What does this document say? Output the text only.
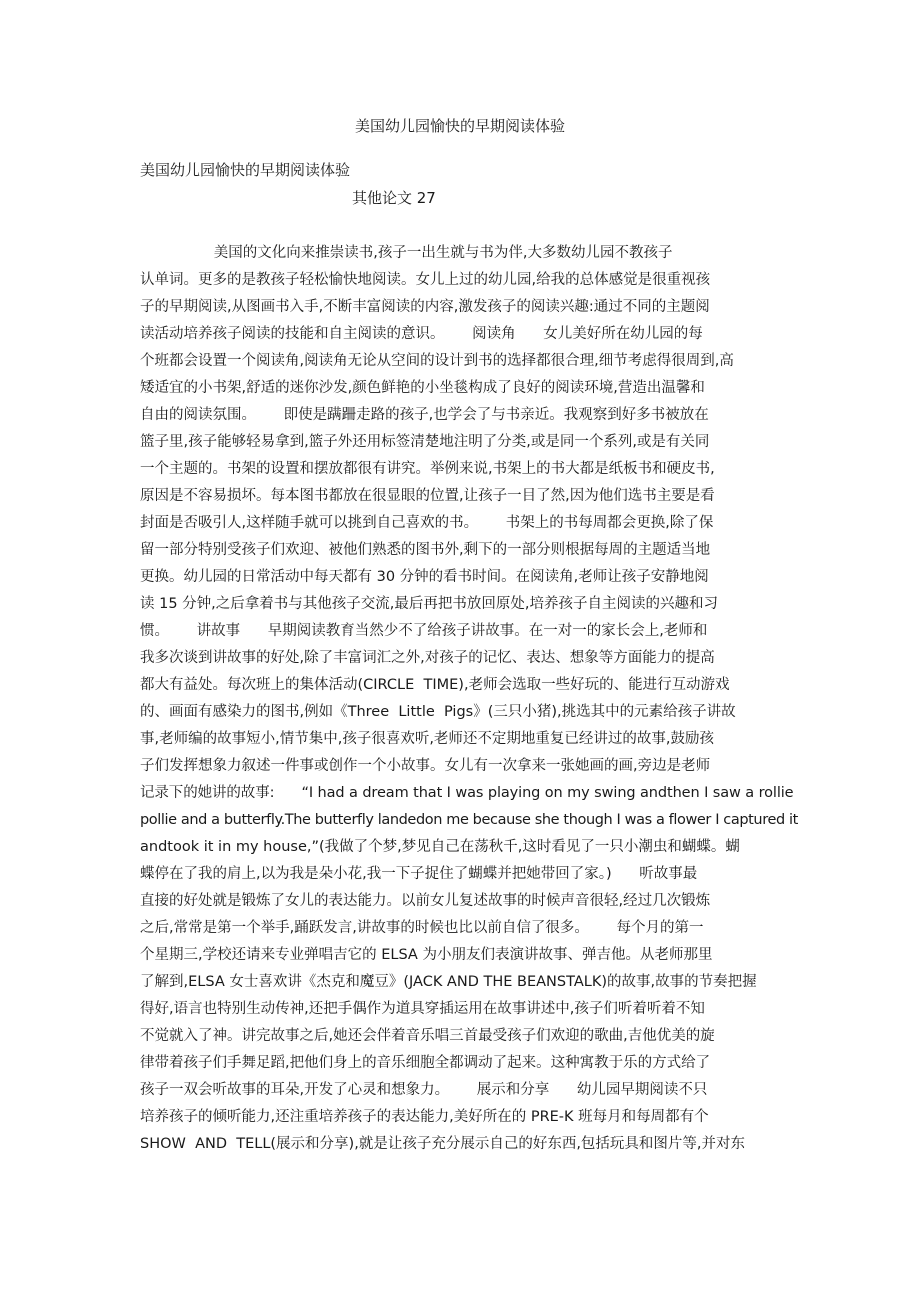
美国幼儿园愉快的早期阅读体验
美国幼儿园愉快的早期阅读体验
其他论文 27
美国的文化向来推崇读书,孩子一出生就与书为伴,大多数幼儿园不教孩子
认单词。更多的是教孩子轻松愉快地阅读。女儿上过的幼儿园,给我的总体感觉是很重视孩
子的早期阅读,从图画书入手,不断丰富阅读的内容,激发孩子的阅读兴趣:通过不同的主题阅
读活动培养孩子阅读的技能和自主阅读的意识。      阅读角      女儿美好所在幼儿园的每
个班都会设置一个阅读角,阅读角无论从空间的设计到书的选择都很合理,细节考虑得很周到,高
矮适宜的小书架,舒适的迷你沙发,颜色鲜艳的小坐毯构成了良好的阅读环境,营造出温馨和
自由的阅读氛围。      即使是蹒跚走路的孩子,也学会了与书亲近。我观察到好多书被放在
篮子里,孩子能够轻易拿到,篮子外还用标签清楚地注明了分类,或是同一个系列,或是有关同
一个主题的。书架的设置和摆放都很有讲究。举例来说,书架上的书大都是纸板书和硬皮书,
原因是不容易损坏。每本图书都放在很显眼的位置,让孩子一目了然,因为他们选书主要是看
封面是否吸引人,这样随手就可以挑到自己喜欢的书。      书架上的书每周都会更换,除了保
留一部分特别受孩子们欢迎、被他们熟悉的图书外,剩下的一部分则根据每周的主题适当地
更换。幼儿园的日常活动中每天都有 30 分钟的看书时间。在阅读角,老师让孩子安静地阅
读 15 分钟,之后拿着书与其他孩子交流,最后再把书放回原处,培养孩子自主阅读的兴趣和习
惯。      讲故事      早期阅读教育当然少不了给孩子讲故事。在一对一的家长会上,老师和
我多次谈到讲故事的好处,除了丰富词汇之外,对孩子的记忆、表达、想象等方面能力的提高
都大有益处。每次班上的集体活动(CIRCLE  TIME),老师会选取一些好玩的、能进行互动游戏
的、画面有感染力的图书,例如《Three  Little  Pigs》(三只小猪),挑选其中的元素给孩子讲故
事,老师编的故事短小,情节集中,孩子很喜欢听,老师还不定期地重复已经讲过的故事,鼓励孩
子们发挥想象力叙述一件事或创作一个小故事。女儿有一次拿来一张她画的画,旁边是老师
记录下的她讲的故事:      “I had a dream that I was playing on my swing andthen I saw a rollie
pollie and a butterfly.The butterfly landedon me because she though I was a flower I captured it
andtook it in my house,”(我做了个梦,梦见自己在荡秋千,这时看见了一只小潮虫和蝴蝶。蝴
蝶停在了我的肩上,以为我是朵小花,我一下子捉住了蝴蝶并把她带回了家。)      听故事最
直接的好处就是锻炼了女儿的表达能力。以前女儿复述故事的时候声音很轻,经过几次锻炼
之后,常常是第一个举手,踊跃发言,讲故事的时候也比以前自信了很多。      每个月的第一
个星期三,学校还请来专业弹唱吉它的 ELSA 为小朋友们表演讲故事、弹吉他。从老师那里
了解到,ELSA 女士喜欢讲《杰克和魔豆》(JACK AND THE BEANSTALK)的故事,故事的节奏把握
得好,语言也特别生动传神,还把手偶作为道具穿插运用在故事讲述中,孩子们听着听着不知
不觉就入了神。讲完故事之后,她还会伴着音乐唱三首最受孩子们欢迎的歌曲,吉他优美的旋
律带着孩子们手舞足蹈,把他们身上的音乐细胞全都调动了起来。这种寓教于乐的方式给了
孩子一双会听故事的耳朵,开发了心灵和想象力。      展示和分享      幼儿园早期阅读不只
培养孩子的倾听能力,还注重培养孩子的表达能力,美好所在的 PRE-K 班每月和每周都有个
SHOW  AND  TELL(展示和分享),就是让孩子充分展示自己的好东西,包括玩具和图片等,并对东
